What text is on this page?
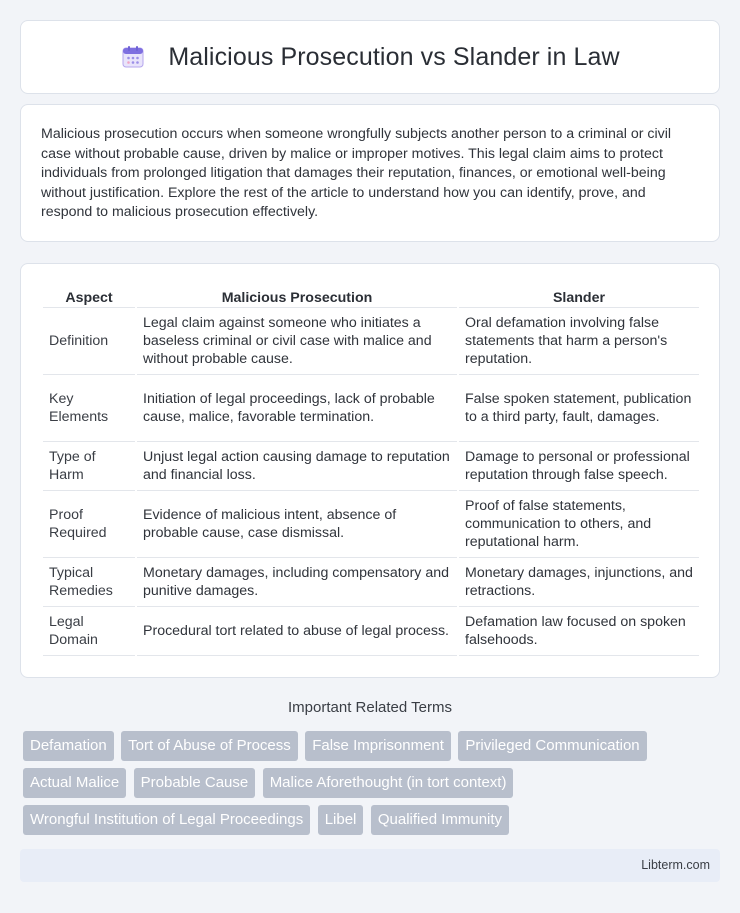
Malicious Prosecution vs Slander in Law

Malicious prosecution occurs when someone wrongfully subjects another person to a criminal or civil case without probable cause, driven by malice or improper motives. This legal claim aims to protect individuals from prolonged litigation that damages their reputation, finances, or emotional well-being without justification. Explore the rest of the article to understand how you can identify, prove, and respond to malicious prosecution effectively.

Aspect	Malicious Prosecution	Slander
Definition	Legal claim against someone who initiates a baseless criminal or civil case with malice and without probable cause.	Oral defamation involving false statements that harm a person's reputation.
Key Elements	Initiation of legal proceedings, lack of probable cause, malice, favorable termination.	False spoken statement, publication to a third party, fault, damages.
Type of Harm	Unjust legal action causing damage to reputation and financial loss.	Damage to personal or professional reputation through false speech.
Proof Required	Evidence of malicious intent, absence of probable cause, case dismissal.	Proof of false statements, communication to others, and reputational harm.
Typical Remedies	Monetary damages, including compensatory and punitive damages.	Monetary damages, injunctions, and retractions.
Legal Domain	Procedural tort related to abuse of legal process.	Defamation law focused on spoken falsehoods.
Important Related Terms
Defamation Tort of Abuse of Process False Imprisonment Privileged Communication
Actual Malice Probable Cause Malice Aforethought (in tort context)
Wrongful Institution of Legal Proceedings Libel Qualified Immunity
Libterm.com
